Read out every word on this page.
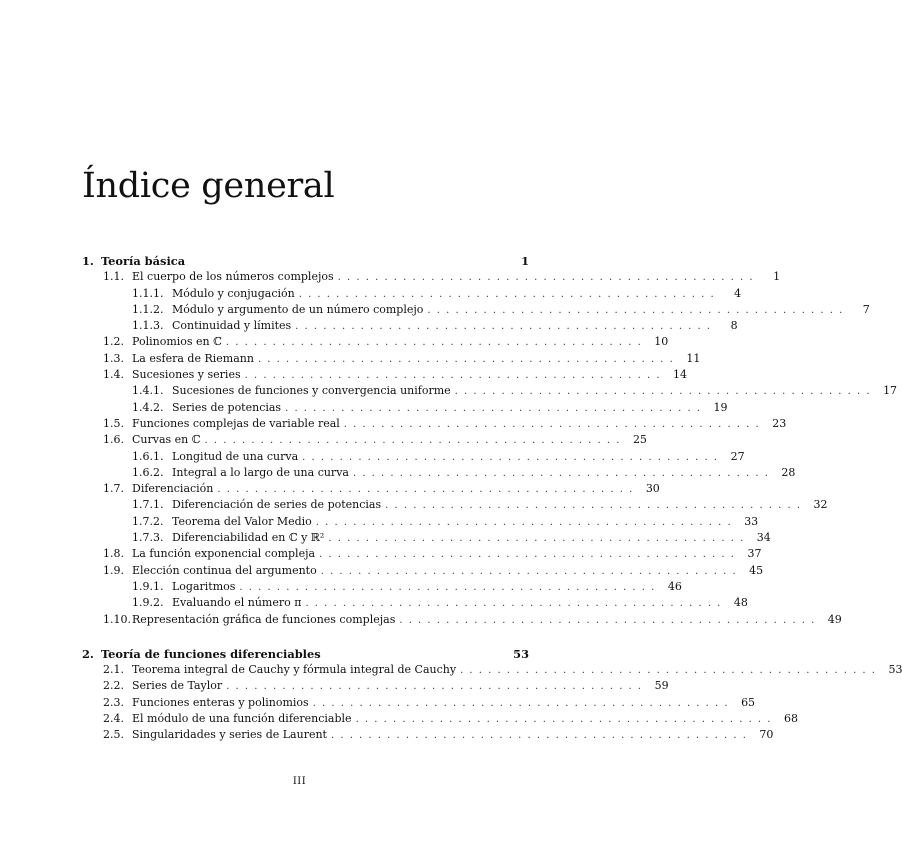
Índice general
1. Teoría básica	1
1.1. El cuerpo de los números complejos . . . . . . . . . . . . . . . . . . . . . . . . . . . . . . . . . . . . . . . . . . . . .	1
1.1.1. Módulo y conjugación . . . . . . . . . . . . . . . . . . . . . . . . . . . . . . . . . . . . . . . . . . . . .	4
1.1.2. Módulo y argumento de un número complejo . . . . . . . . . . . . . . . . . . . . . . . . . . . . . . . . . . . . . . . . . . . . .	7
1.1.3. Continuidad y límites . . . . . . . . . . . . . . . . . . . . . . . . . . . . . . . . . . . . . . . . . . . . .	8
1.2. Polinomios en ℂ . . . . . . . . . . . . . . . . . . . . . . . . . . . . . . . . . . . . . . . . . . . . .	10
1.3. La esfera de Riemann . . . . . . . . . . . . . . . . . . . . . . . . . . . . . . . . . . . . . . . . . . . . .	11
1.4. Sucesiones y series . . . . . . . . . . . . . . . . . . . . . . . . . . . . . . . . . . . . . . . . . . . . .	14
1.4.1. Sucesiones de funciones y convergencia uniforme . . . . . . . . . . . . . . . . . . . . . . . . . . . . . . . . . . . . . . . . . . . . .	17
1.4.2. Series de potencias . . . . . . . . . . . . . . . . . . . . . . . . . . . . . . . . . . . . . . . . . . . . .	19
1.5. Funciones complejas de variable real . . . . . . . . . . . . . . . . . . . . . . . . . . . . . . . . . . . . . . . . . . . . .	23
1.6. Curvas en ℂ . . . . . . . . . . . . . . . . . . . . . . . . . . . . . . . . . . . . . . . . . . . . .	25
1.6.1. Longitud de una curva . . . . . . . . . . . . . . . . . . . . . . . . . . . . . . . . . . . . . . . . . . . . .	27
1.6.2. Integral a lo largo de una curva . . . . . . . . . . . . . . . . . . . . . . . . . . . . . . . . . . . . . . . . . . . . .	28
1.7. Diferenciación . . . . . . . . . . . . . . . . . . . . . . . . . . . . . . . . . . . . . . . . . . . . .	30
1.7.1. Diferenciación de series de potencias . . . . . . . . . . . . . . . . . . . . . . . . . . . . . . . . . . . . . . . . . . . . .	32
1.7.2. Teorema del Valor Medio . . . . . . . . . . . . . . . . . . . . . . . . . . . . . . . . . . . . . . . . . . . . .	33
1.7.3. Diferenciabilidad en ℂ y ℝ² . . . . . . . . . . . . . . . . . . . . . . . . . . . . . . . . . . . . . . . . . . . . .	34
1.8. La función exponencial compleja . . . . . . . . . . . . . . . . . . . . . . . . . . . . . . . . . . . . . . . . . . . . .	37
1.9. Elección continua del argumento . . . . . . . . . . . . . . . . . . . . . . . . . . . . . . . . . . . . . . . . . . . . .	45
1.9.1. Logaritmos . . . . . . . . . . . . . . . . . . . . . . . . . . . . . . . . . . . . . . . . . . . . .	46
1.9.2. Evaluando el número π . . . . . . . . . . . . . . . . . . . . . . . . . . . . . . . . . . . . . . . . . . . . .	48
1.10. Representación gráfica de funciones complejas . . . . . . . . . . . . . . . . . . . . . . . . . . . . . . . . . . . . . . . . . . . . .	49
2. Teoría de funciones diferenciables	53
2.1. Teorema integral de Cauchy y fórmula integral de Cauchy . . . . . . . . . . . . . . . . . . . . . . . . . . . . . . . . . . . . . . . . . . . . .	53
2.2. Series de Taylor . . . . . . . . . . . . . . . . . . . . . . . . . . . . . . . . . . . . . . . . . . . . .	59
2.3. Funciones enteras y polinomios . . . . . . . . . . . . . . . . . . . . . . . . . . . . . . . . . . . . . . . . . . . . .	65
2.4. El módulo de una función diferenciable . . . . . . . . . . . . . . . . . . . . . . . . . . . . . . . . . . . . . . . . . . . . .	68
2.5. Singularidades y series de Laurent . . . . . . . . . . . . . . . . . . . . . . . . . . . . . . . . . . . . . . . . . . . . .	70
III
